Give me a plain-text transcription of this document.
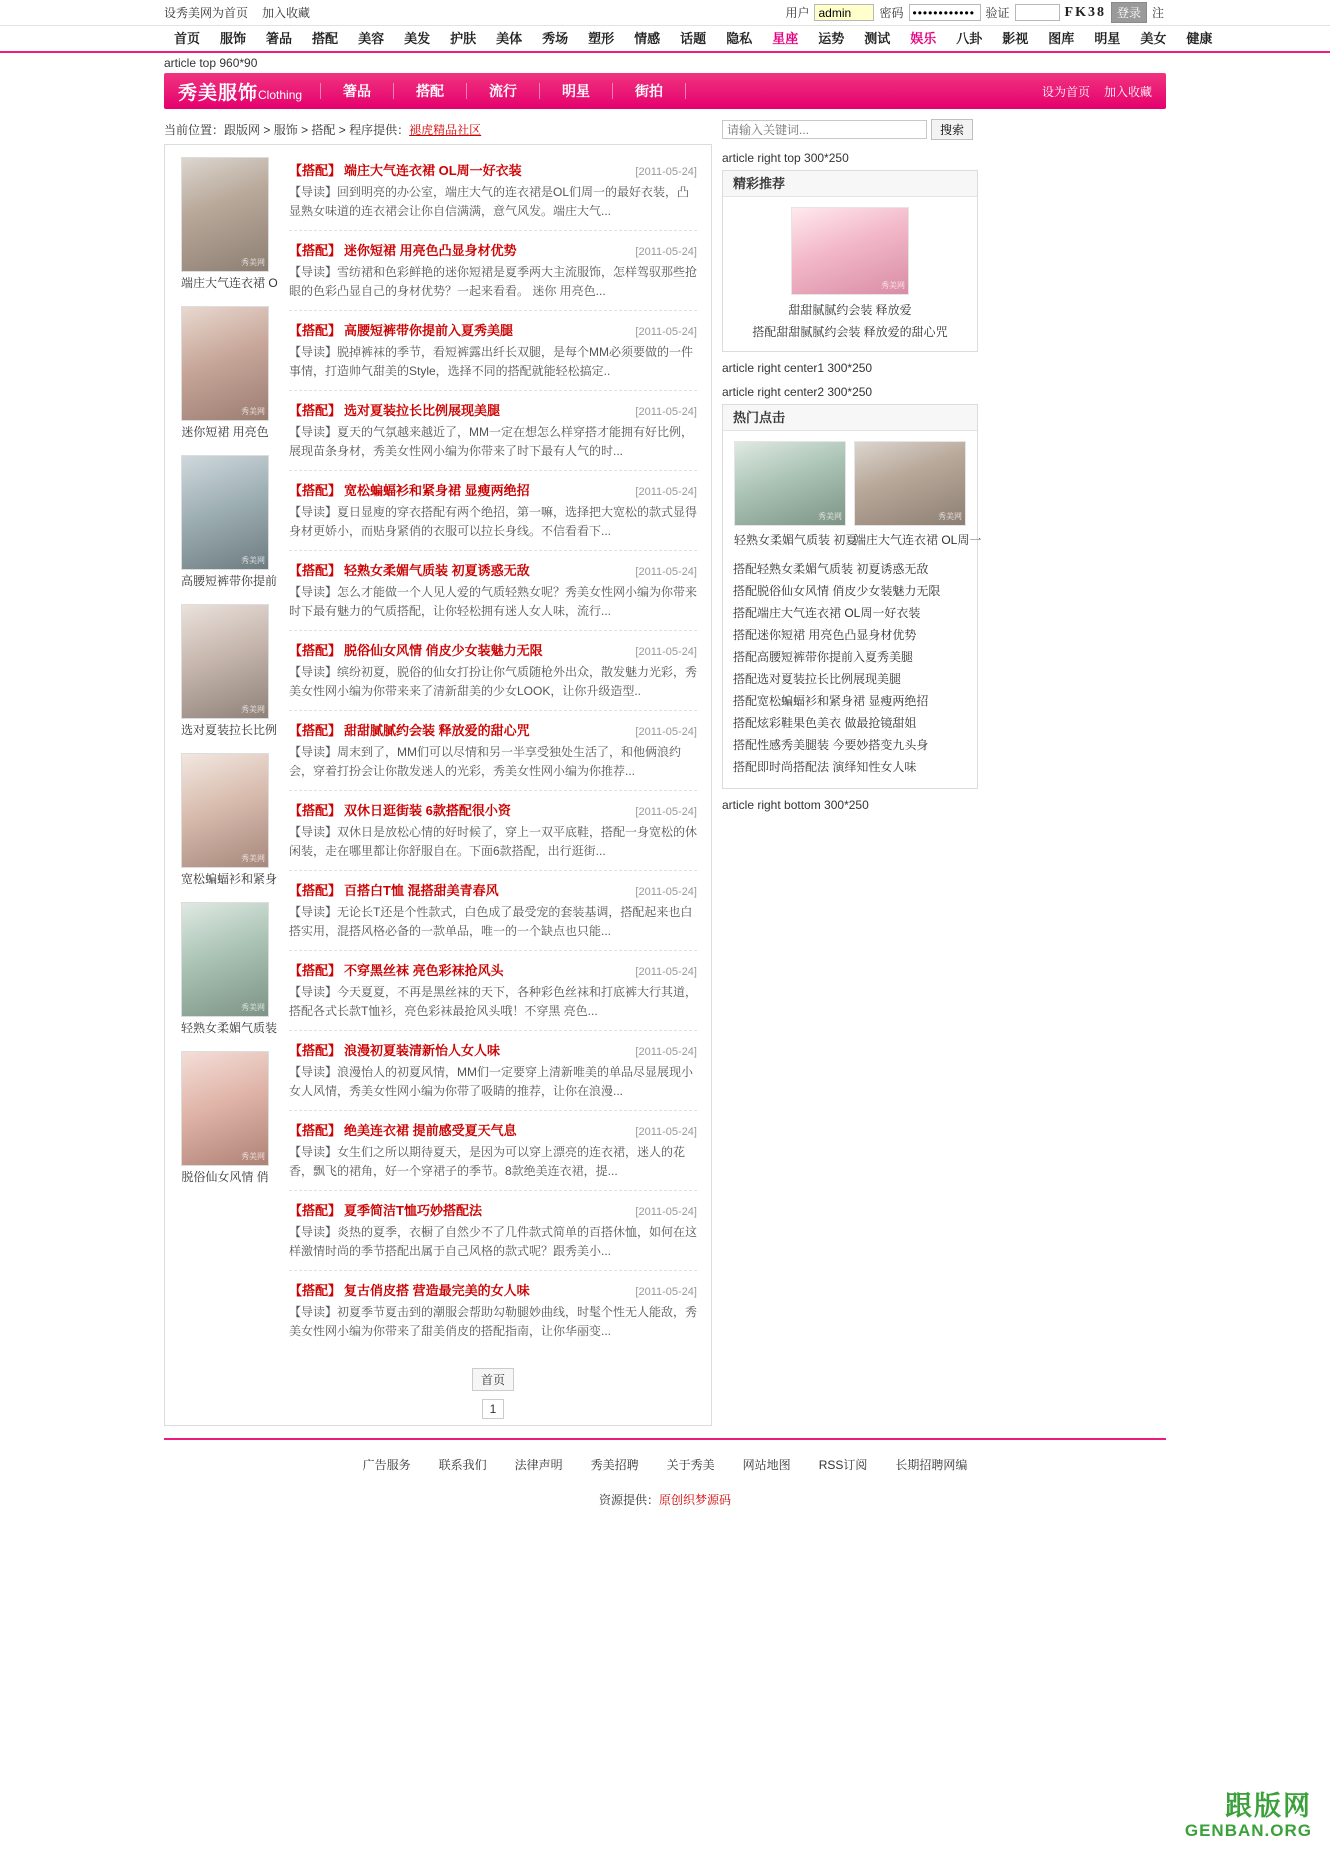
设秀美网为首页 加入收藏	用户
admin	密码
••••••••••••	验证	FK38 登录 注
首页	服饰	箸品	搭配	美容	美发	护肤	美体	秀场	塑形	情感	话题	隐私	星座	运势	测试	娱乐	八卦	影视	图库	明星	美女	健康
article top 960*90
秀美服饰Clothing	箸品	搭配	流行	明星	街拍	设为首页 加入收藏
当前位置：跟版网 > 服饰 > 搭配 > 程序提供：褪虎精品社区
秀美网
端庄大气连衣裙 O
秀美网
迷你短裙 用亮色
秀美网
高腰短裤带你提前
秀美网
选对夏装拉长比例
秀美网
宽松蝙蝠衫和紧身
秀美网
轻熟女柔媚气质装
秀美网
脱俗仙女风情 俏
【搭配】 端庄大气连衣裙 OL周一好衣装	[2011-05-24]
【导读】回到明亮的办公室，端庄大气的连衣裙是OL们周一的最好衣装，凸显熟女味道的连衣裙会让你自信满满，意气风发。端庄大气...
【搭配】 迷你短裙 用亮色凸显身材优势	[2011-05-24]
【导读】雪纺裙和色彩鲜艳的迷你短裙是夏季两大主流服饰，怎样驾驭那些抢眼的色彩凸显自己的身材优势？一起来看看。 迷你 用亮色...
【搭配】 高腰短裤带你提前入夏秀美腿	[2011-05-24]
【导读】脱掉裤袜的季节，看短裤露出纤长双腿，是每个MM必须要做的一件事情，打造帅气甜美的Style，选择不同的搭配就能轻松搞定..
【搭配】 选对夏装拉长比例展现美腿	[2011-05-24]
【导读】夏天的气氛越来越近了，MM一定在想怎么样穿搭才能拥有好比例，展现苗条身材，秀美女性网小编为你带来了时下最有人气的时...
【搭配】 宽松蝙蝠衫和紧身裙 显瘦两绝招	[2011-05-24]
【导读】夏日显廋的穿衣搭配有两个绝招，第一嘛，选择把大宽松的款式显得身材更娇小，而贴身紧俏的衣服可以拉长身线。不信看看下...
【搭配】 轻熟女柔媚气质装 初夏诱惑无敌	[2011-05-24]
【导读】怎么才能做一个人见人爱的气质轻熟女呢？秀美女性网小编为你带来时下最有魅力的气质搭配，让你轻松拥有迷人女人味，流行...
【搭配】 脱俗仙女风情 俏皮少女装魅力无限	[2011-05-24]
【导读】缤纷初夏，脱俗的仙女打扮让你气质随枪外出众，散发魅力光彩，秀美女性网小编为你带来来了清新甜美的少女LOOK，让你升级造型..
【搭配】 甜甜腻腻约会装 释放爱的甜心咒	[2011-05-24]
【导读】周末到了，MM们可以尽情和另一半享受独处生活了，和他俩浪约会，穿着打扮会让你散发迷人的光彩，秀美女性网小编为你推荐...
【搭配】 双休日逛街装 6款搭配很小资	[2011-05-24]
【导读】双休日是放松心情的好时候了，穿上一双平底鞋，搭配一身宽松的休闲装，走在哪里都让你舒服自在。下面6款搭配，出行逛街...
【搭配】 百搭白T恤 混搭甜美青春风	[2011-05-24]
【导读】无论长T还是个性款式，白色成了最受宠的套装基调，搭配起来也白搭实用，混搭风格必备的一款单品，唯一的一个缺点也只能...
【搭配】 不穿黑丝袜 亮色彩袜抢风头	[2011-05-24]
【导读】今天夏夏，不再是黑丝袜的天下，各种彩色丝袜和打底裤大行其道，搭配各式长款T恤衫，亮色彩袜最抢风头哦！不穿黑 亮色...
【搭配】 浪漫初夏装清新怡人女人味	[2011-05-24]
【导读】浪漫怡人的初夏风情，MM们一定要穿上清新唯美的单品尽显展现小女人风情，秀美女性网小编为你带了吸睛的推荐，让你在浪漫...
【搭配】 绝美连衣裙 提前感受夏天气息	[2011-05-24]
【导读】女生们之所以期待夏天，是因为可以穿上漂亮的连衣裙，迷人的花香，飘飞的裙角，好一个穿裙子的季节。8款绝美连衣裙，提...
【搭配】 夏季简洁T恤巧妙搭配法	[2011-05-24]
【导读】炎热的夏季，衣橱了自然少不了几件款式简单的百搭休恤，如何在这样激情时尚的季节搭配出属于自己风格的款式呢？跟秀美小...
【搭配】 复古俏皮搭 营造最完美的女人味	[2011-05-24]
【导读】初夏季节夏击到的潮服会帮助勾勒腿妙曲线，时髦个性无人能敌，秀美女性网小编为你带来了甜美俏皮的搭配指南，让你华丽变...
首页
1
请输入关键词...
搜索
article right top 300*250
精彩推荐
秀美网
甜甜腻腻约会装 释放爱
搭配甜甜腻腻约会装 释放爱的甜心咒
article right center1 300*250
article right center2 300*250
热门点击
秀美网
轻熟女柔媚气质装 初夏
秀美网
端庄大气连衣裙 OL周一
搭配轻熟女柔媚气质装 初夏诱惑无敌
搭配脱俗仙女风情 俏皮少女装魅力无限
搭配端庄大气连衣裙 OL周一好衣装
搭配迷你短裙 用亮色凸显身材优势
搭配高腰短裤带你提前入夏秀美腿
搭配选对夏装拉长比例展现美腿
搭配宽松蝙蝠衫和紧身裙 显瘦两绝招
搭配炫彩鞋果色美衣 做最抢镜甜姐
搭配性感秀美腿装 今要妙搭变九头身
搭配即时尚搭配法 演绎知性女人味
article right bottom 300*250
广告服务 联系我们 法律声明 秀美招聘 关于秀美 网站地图 RSS订阅 长期招聘网编
资源提供：原创织梦源码
跟版网
GENBAN.ORG
